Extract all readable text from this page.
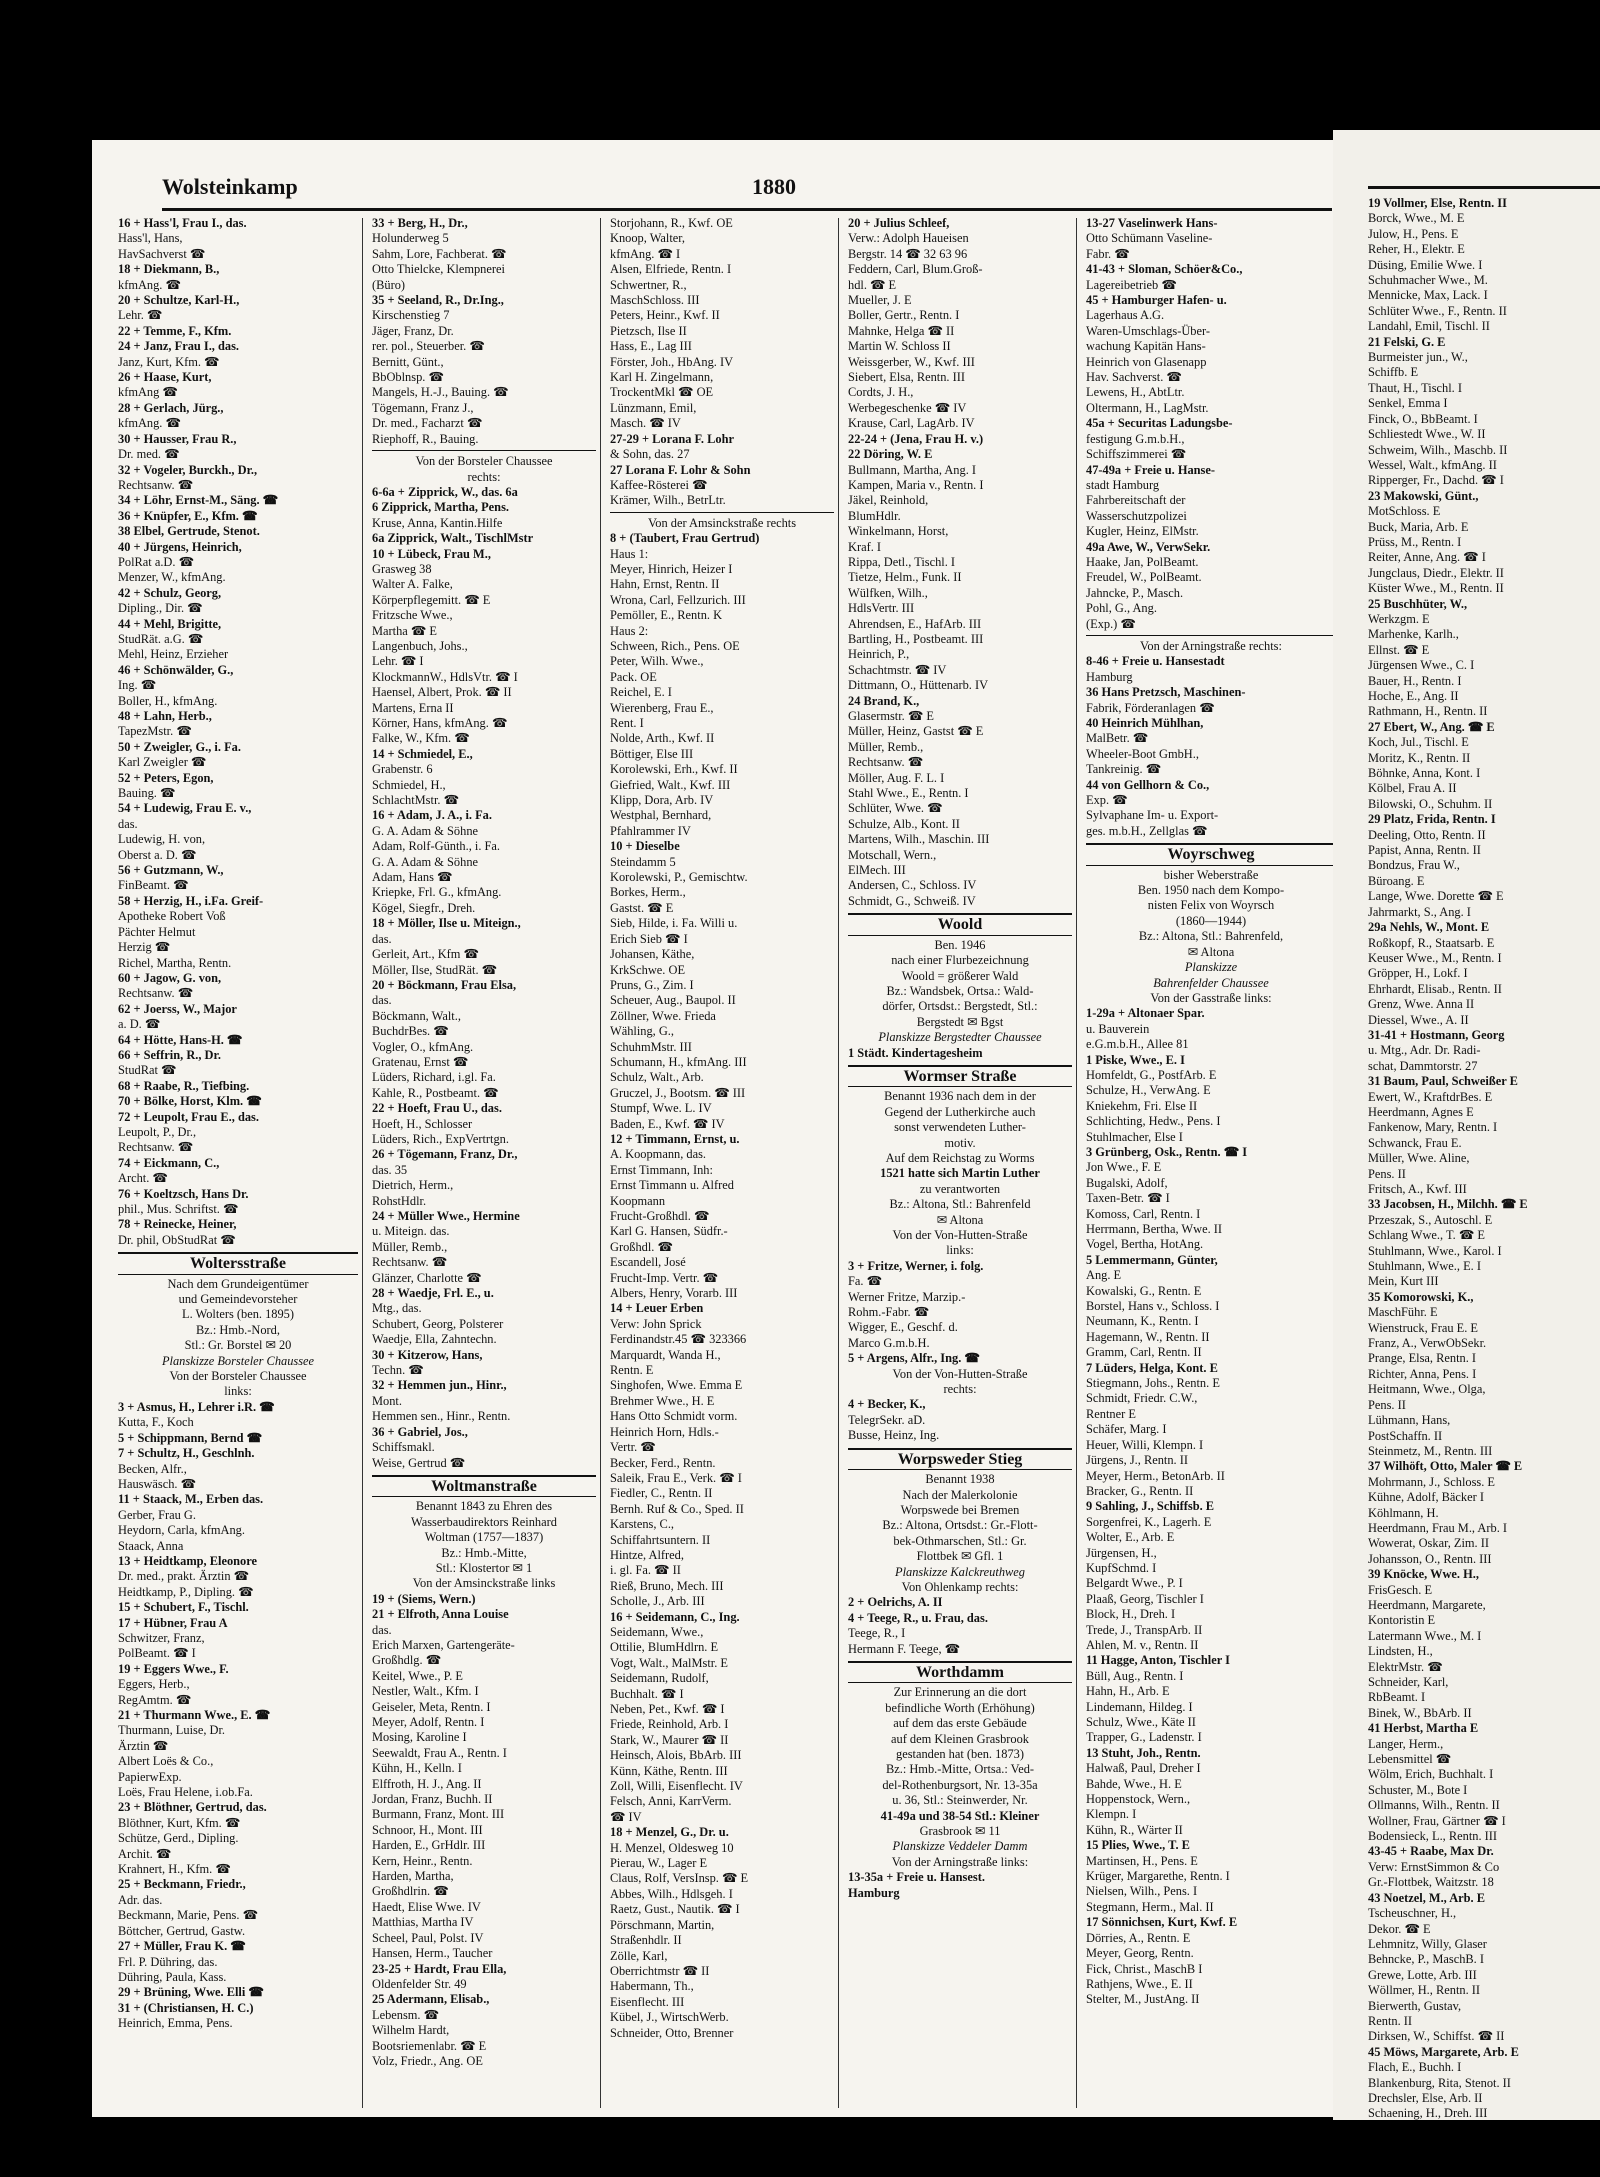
Wolsteinkamp	1880
16 + Hass'l, Frau I., das.
Hass'l, Hans,
HavSachverst ☎
18 + Diekmann, B.,
kfmAng. ☎
20 + Schultze, Karl-H.,
Lehr. ☎
22 + Temme, F., Kfm.
24 + Janz, Frau I., das.
Janz, Kurt, Kfm. ☎
26 + Haase, Kurt,
kfmAng ☎
28 + Gerlach, Jürg.,
kfmAng. ☎
30 + Hausser, Frau R.,
Dr. med. ☎
32 + Vogeler, Burckh., Dr.,
Rechtsanw. ☎
34 + Löhr, Ernst-M., Säng. ☎
36 + Knüpfer, E., Kfm. ☎
38 Elbel, Gertrude, Stenot.
40 + Jürgens, Heinrich,
PolRat a.D. ☎
Menzer, W., kfmAng.
42 + Schulz, Georg,
Dipling., Dir. ☎
44 + Mehl, Brigitte,
StudRät. a.G. ☎
Mehl, Heinz, Erzieher
46 + Schönwälder, G.,
Ing. ☎
Boller, H., kfmAng.
48 + Lahn, Herb.,
TapezMstr. ☎
50 + Zweigler, G., i. Fa.
Karl Zweigler ☎
52 + Peters, Egon,
Bauing. ☎
54 + Ludewig, Frau E. v.,
das.
Ludewig, H. von,
Oberst a. D. ☎
56 + Gutzmann, W.,
FinBeamt. ☎
58 + Herzig, H., i.Fa. Greif-
Apotheke Robert Voß
Pächter Helmut
Herzig ☎
Richel, Martha, Rentn.
60 + Jagow, G. von,
Rechtsanw. ☎
62 + Joerss, W., Major
a. D. ☎
64 + Hötte, Hans-H. ☎
66 + Seffrin, R., Dr.
StudRat ☎
68 + Raabe, R., Tiefbing.
70 + Bölke, Horst, Klm. ☎
72 + Leupolt, Frau E., das.
Leupolt, P., Dr.,
Rechtsanw. ☎
74 + Eickmann, C.,
Archt. ☎
76 + Koeltzsch, Hans Dr.
phil., Mus. Schriftst. ☎
78 + Reinecke, Heiner,
Dr. phil, ObStudRat ☎
Woltersstraße
Nach dem Grundeigentümer
und Gemeindevorsteher
L. Wolters (ben. 1895)
Bz.: Hmb.-Nord,
Stl.: Gr. Borstel ✉ 20
Planskizze Borsteler Chaussee
Von der Borsteler Chaussee
links:
3 + Asmus, H., Lehrer i.R. ☎
Kutta, F., Koch
5 + Schippmann, Bernd ☎
7 + Schultz, H., Geschlnh.
Becken, Alfr.,
Hauswäsch. ☎
11 + Staack, M., Erben das.
Gerber, Frau G.
Heydorn, Carla, kfmAng.
Staack, Anna
13 + Heidtkamp, Eleonore
Dr. med., prakt. Ärztin ☎
Heidtkamp, P., Dipling. ☎
15 + Schubert, F., Tischl.
17 + Hübner, Frau A
Schwitzer, Franz,
PolBeamt. ☎ I
19 + Eggers Wwe., F.
Eggers, Herb.,
RegAmtm. ☎
21 + Thurmann Wwe., E. ☎
Thurmann, Luise, Dr.
Ärztin ☎
Albert Loës & Co.,
PapierwExp.
Loës, Frau Helene, i.ob.Fa.
23 + Blöthner, Gertrud, das.
Blöthner, Kurt, Kfm. ☎
Schütze, Gerd., Dipling.
Archit. ☎
Krahnert, H., Kfm. ☎
25 + Beckmann, Friedr.,
Adr. das.
Beckmann, Marie, Pens. ☎
Böttcher, Gertrud, Gastw.
27 + Müller, Frau K. ☎
Frl. P. Dühring, das.
Dühring, Paula, Kass.
29 + Brüning, Wwe. Elli ☎
31 + (Christiansen, H. C.)
Heinrich, Emma, Pens.
33 + Berg, H., Dr.,
Holunderweg 5
Sahm, Lore, Fachberat. ☎
Otto Thielcke, Klempnerei
(Büro)
35 + Seeland, R., Dr.Ing.,
Kirschenstieg 7
Jäger, Franz, Dr.
rer. pol., Steuerber. ☎
Bernitt, Günt.,
BbOblnsp. ☎
Mangels, H.-J., Bauing. ☎
Tögemann, Franz J.,
Dr. med., Facharzt ☎
Riephoff, R., Bauing.
Von der Borsteler Chaussee
rechts:
6-6a + Zipprick, W., das. 6a
6 Zipprick, Martha, Pens.
Kruse, Anna, Kantin.Hilfe
6a Zipprick, Walt., TischlMstr
10 + Lübeck, Frau M.,
Grasweg 38
Walter A. Falke,
Körperpflegemitt. ☎ E
Fritzsche Wwe.,
Martha ☎ E
Langenbuch, Johs.,
Lehr. ☎ I
KlockmannW., HdlsVtr. ☎ I
Haensel, Albert, Prok. ☎ II
Martens, Erna II
Körner, Hans, kfmAng. ☎
Falke, W., Kfm. ☎
14 + Schmiedel, E.,
Grabenstr. 6
Schmiedel, H.,
SchlachtMstr. ☎
16 + Adam, J. A., i. Fa.
G. A. Adam & Söhne
Adam, Rolf-Günth., i. Fa.
G. A. Adam & Söhne
Adam, Hans ☎
Kriepke, Frl. G., kfmAng.
Kögel, Siegfr., Dreh.
18 + Möller, Ilse u. Miteign.,
das.
Gerleit, Art., Kfm ☎
Möller, Ilse, StudRät. ☎
20 + Böckmann, Frau Elsa,
das.
Böckmann, Walt.,
BuchdrBes. ☎
Vogler, O., kfmAng.
Gratenau, Ernst ☎
Lüders, Richard, i.gl. Fa.
Kahle, R., Postbeamt. ☎
22 + Hoeft, Frau U., das.
Hoeft, H., Schlosser
Lüders, Rich., ExpVertrtgn.
26 + Tögemann, Franz, Dr.,
das. 35
Dietrich, Herm.,
RohstHdlr.
24 + Müller Wwe., Hermine
u. Miteign. das.
Müller, Remb.,
Rechtsanw. ☎
Glänzer, Charlotte ☎
28 + Waedje, Frl. E., u.
Mtg., das.
Schubert, Georg, Polsterer
Waedje, Ella, Zahntechn.
30 + Kitzerow, Hans,
Techn. ☎
32 + Hemmen jun., Hinr.,
Mont.
Hemmen sen., Hinr., Rentn.
36 + Gabriel, Jos.,
Schiffsmakl.
Weise, Gertrud ☎
Woltmanstraße
Benannt 1843 zu Ehren des
Wasserbaudirektors Reinhard
Woltman (1757—1837)
Bz.: Hmb.-Mitte,
Stl.: Klostertor ✉ 1
Von der Amsinckstraße links
19 + (Siems, Wern.)
21 + Elfroth, Anna Louise
das.
Erich Marxen, Gartengeräte-
Großhdlg. ☎
Keitel, Wwe., P. E
Nestler, Walt., Kfm. I
Geiseler, Meta, Rentn. I
Meyer, Adolf, Rentn. I
Mosing, Karoline I
Seewaldt, Frau A., Rentn. I
Kühn, H., Kelln. I
Elffroth, H. J., Ang. II
Jordan, Franz, Buchh. II
Burmann, Franz, Mont. III
Schnoor, H., Mont. III
Harden, E., GrHdlr. III
Kern, Heinr., Rentn.
Harden, Martha,
Großhdlrin. ☎
Haedt, Elise Wwe. IV
Matthias, Martha IV
Scheel, Paul, Polst. IV
Hansen, Herm., Taucher
23-25 + Hardt, Frau Ella,
Oldenfelder Str. 49
25 Adermann, Elisab.,
Lebensm. ☎
Wilhelm Hardt,
Bootsriemenlabr. ☎ E
Volz, Friedr., Ang. OE
Storjohann, R., Kwf. OE
Knoop, Walter,
kfmAng. ☎ I
Alsen, Elfriede, Rentn. I
Schwertner, R.,
MaschSchloss. III
Peters, Heinr., Kwf. II
Pietzsch, Ilse II
Hass, E., Lag III
Förster, Joh., HbAng. IV
Karl H. Zingelmann,
TrockentMkl ☎ OE
Lünzmann, Emil,
Masch. ☎ IV
27-29 + Lorana F. Lohr
& Sohn, das. 27
27 Lorana F. Lohr & Sohn
Kaffee-Rösterei ☎
Krämer, Wilh., BetrLtr.
Von der Amsinckstraße rechts
8 + (Taubert, Frau Gertrud)
Haus 1:
Meyer, Hinrich, Heizer I
Hahn, Ernst, Rentn. II
Wrona, Carl, Fellzurich. III
Pemöller, E., Rentn. K
Haus 2:
Schween, Rich., Pens. OE
Peter, Wilh. Wwe.,
Pack. OE
Reichel, E. I
Wierenberg, Frau E.,
Rent. I
Nolde, Arth., Kwf. II
Böttiger, Else III
Korolewski, Erh., Kwf. II
Giefried, Walt., Kwf. III
Klipp, Dora, Arb. IV
Westphal, Bernhard,
Pfahlrammer IV
10 + Dieselbe
Steindamm 5
Korolewski, P., Gemischtw.
Borkes, Herm.,
Gastst. ☎ E
Sieb, Hilde, i. Fa. Willi u.
Erich Sieb ☎ I
Johansen, Käthe,
KrkSchwe. OE
Pruns, G., Zim. I
Scheuer, Aug., Baupol. II
Zöllner, Wwe. Frieda
Wähling, G.,
SchuhmMstr. III
Schumann, H., kfmAng. III
Schulz, Walt., Arb.
Gruczel, J., Bootsm. ☎ III
Stumpf, Wwe. L. IV
Baden, E., Kwf. ☎ IV
12 + Timmann, Ernst, u.
A. Koopmann, das.
Ernst Timmann, Inh:
Ernst Timmann u. Alfred
Koopmann
Frucht-Großhdl. ☎
Karl G. Hansen, Südfr.-
Großhdl. ☎
Escandell, José
Frucht-Imp. Vertr. ☎
Albers, Henry, Vorarb. III
14 + Leuer Erben
Verw: John Sprick
Ferdinandstr.45 ☎ 323366
Marquardt, Wanda H.,
Rentn. E
Singhofen, Wwe. Emma E
Brehmer Wwe., H. E
Hans Otto Schmidt vorm.
Heinrich Horn, Hdls.-
Vertr. ☎
Becker, Ferd., Rentn.
Saleik, Frau E., Verk. ☎ I
Fiedler, C., Rentn. II
Bernh. Ruf & Co., Sped. II
Karstens, C.,
Schiffahrtsuntern. II
Hintze, Alfred,
i. gl. Fa. ☎ II
Rieß, Bruno, Mech. III
Scholle, J., Arb. III
16 + Seidemann, C., Ing.
Seidemann, Wwe.,
Ottilie, BlumHdlrn. E
Vogt, Walt., MalMstr. E
Seidemann, Rudolf,
Buchhalt. ☎ I
Neben, Pet., Kwf. ☎ I
Friede, Reinhold, Arb. I
Stark, W., Maurer ☎ II
Heinsch, Alois, BbArb. III
Künn, Käthe, Rentn. III
Zoll, Willi, Eisenflecht. IV
Felsch, Anni, KarrVerm.
☎ IV
18 + Menzel, G., Dr. u.
H. Menzel, Oldesweg 10
Pierau, W., Lager E
Claus, Rolf, VersInsp. ☎ E
Abbes, Wilh., Hdlsgeh. I
Raetz, Gust., Nautik. ☎ I
Pörschmann, Martin,
Straßenhdlr. II
Zölle, Karl,
Oberrichtmstr ☎ II
Habermann, Th.,
Eisenflecht. III
Kübel, J., WirtschWerb.
Schneider, Otto, Brenner
20 + Julius Schleef,
Verw.: Adolph Haueisen
Bergstr. 14 ☎ 32 63 96
Feddern, Carl, Blum.Groß-
hdl. ☎ E
Mueller, J. E
Boller, Gertr., Rentn. I
Mahnke, Helga ☎ II
Martin W. Schloss II
Weissgerber, W., Kwf. III
Siebert, Elsa, Rentn. III
Cordts, J. H.,
Werbegeschenke ☎ IV
Krause, Carl, LagArb. IV
22-24 + (Jena, Frau H. v.)
22 Döring, W. E
Bullmann, Martha, Ang. I
Kampen, Maria v., Rentn. I
Jäkel, Reinhold,
BlumHdlr.
Winkelmann, Horst,
Kraf. I
Rippa, Detl., Tischl. I
Tietze, Helm., Funk. II
Wülfken, Wilh.,
HdlsVertr. III
Ahrendsen, E., HafArb. III
Bartling, H., Postbeamt. III
Heinrich, P.,
Schachtmstr. ☎ IV
Dittmann, O., Hüttenarb. IV
24 Brand, K.,
Glasermstr. ☎ E
Müller, Heinz, Gastst ☎ E
Müller, Remb.,
Rechtsanw. ☎
Möller, Aug. F. L. I
Stahl Wwe., E., Rentn. I
Schlüter, Wwe. ☎
Schulze, Alb., Kont. II
Martens, Wilh., Maschin. III
Motschall, Wern.,
ElMech. III
Andersen, C., Schloss. IV
Schmidt, G., Schweiß. IV
Woold
Ben. 1946
nach einer Flurbezeichnung
Woold = größerer Wald
Bz.: Wandsbek, Ortsa.: Wald-
dörfer, Ortsdst.: Bergstedt, Stl.:
Bergstedt ✉ Bgst
Planskizze Bergstedter Chaussee
1 Städt. Kindertagesheim
Wormser Straße
Benannt 1936 nach dem in der
Gegend der Lutherkirche auch
sonst verwendeten Luther-
motiv.
Auf dem Reichstag zu Worms
1521 hatte sich Martin Luther
zu verantworten
Bz.: Altona, Stl.: Bahrenfeld
✉ Altona
Von der Von-Hutten-Straße
links:
3 + Fritze, Werner, i. folg.
Fa. ☎
Werner Fritze, Marzip.-
Rohm.-Fabr. ☎
Wigger, E., Geschf. d.
Marco G.m.b.H.
5 + Argens, Alfr., Ing. ☎
Von der Von-Hutten-Straße
rechts:
4 + Becker, K.,
TelegrSekr. aD.
Busse, Heinz, Ing.
Worpsweder Stieg
Benannt 1938
Nach der Malerkolonie
Worpswede bei Bremen
Bz.: Altona, Ortsdst.: Gr.-Flott-
bek-Othmarschen, Stl.: Gr.
Flottbek ✉ Gfl. 1
Planskizze Kalckreuthweg
Von Ohlenkamp rechts:
2 + Oelrichs, A. II
4 + Teege, R., u. Frau, das.
Teege, R., I
Hermann F. Teege, ☎
Worthdamm
Zur Erinnerung an die dort
befindliche Worth (Erhöhung)
auf dem das erste Gebäude
auf dem Kleinen Grasbrook
gestanden hat (ben. 1873)
Bz.: Hmb.-Mitte, Ortsa.: Ved-
del-Rothenburgsort, Nr. 13-35a
u. 36, Stl.: Steinwerder, Nr.
41-49a und 38-54 Stl.: Kleiner
Grasbrook ✉ 11
Planskizze Veddeler Damm
Von der Arningstraße links:
13-35a + Freie u. Hansest.
Hamburg
13-27 Vaselinwerk Hans-
Otto Schümann Vaseline-
Fabr. ☎
41-43 + Sloman, Schöer&Co.,
Lagereibetrieb ☎
45 + Hamburger Hafen- u.
Lagerhaus A.G.
Waren-Umschlags-Über-
wachung Kapitän Hans-
Heinrich von Glasenapp
Hav. Sachverst. ☎
Lewens, H., AbtLtr.
Oltermann, H., LagMstr.
45a + Securitas Ladungsbe-
festigung G.m.b.H.,
Schiffszimmerei ☎
47-49a + Freie u. Hanse-
stadt Hamburg
Fahrbereitschaft der
Wasserschutzpolizei
Kugler, Heinz, ElMstr.
49a Awe, W., VerwSekr.
Haake, Jan, PolBeamt.
Freudel, W., PolBeamt.
Jahncke, P., Masch.
Pohl, G., Ang.
(Exp.) ☎
Von der Arningstraße rechts:
8-46 + Freie u. Hansestadt
Hamburg
36 Hans Pretzsch, Maschinen-
Fabrik, Förderanlagen ☎
40 Heinrich Mühlhan,
MalBetr. ☎
Wheeler-Boot GmbH.,
Tankreinig. ☎
44 von Gellhorn & Co.,
Exp. ☎
Sylvaphane Im- u. Export-
ges. m.b.H., Zellglas ☎
Woyrschweg
bisher Weberstraße
Ben. 1950 nach dem Kompo-
nisten Felix von Woyrsch
(1860—1944)
Bz.: Altona, Stl.: Bahrenfeld,
✉ Altona
Planskizze
Bahrenfelder Chaussee
Von der Gasstraße links:
1-29a + Altonaer Spar.
u. Bauverein
e.G.m.b.H., Allee 81
1 Piske, Wwe., E. I
Homfeldt, G., PostfArb. E
Schulze, H., VerwAng. E
Kniekehm, Fri. Else II
Schlichting, Hedw., Pens. I
Stuhlmacher, Else I
3 Grünberg, Osk., Rentn. ☎ I
Jon Wwe., F. E
Bugalski, Adolf,
Taxen-Betr. ☎ I
Komoss, Carl, Rentn. I
Herrmann, Bertha, Wwe. II
Vogel, Bertha, HotAng.
5 Lemmermann, Günter,
Ang. E
Kowalski, G., Rentn. E
Borstel, Hans v., Schloss. I
Neumann, K., Rentn. I
Hagemann, W., Rentn. II
Gramm, Carl, Rentn. II
7 Lüders, Helga, Kont. E
Stiegmann, Johs., Rentn. E
Schmidt, Friedr. C.W.,
Rentner E
Schäfer, Marg. I
Heuer, Willi, Klempn. I
Jürgens, J., Rentn. II
Meyer, Herm., BetonArb. II
Bracker, G., Rentn. II
9 Sahling, J., Schiffsb. E
Sorgenfrei, K., Lagerh. E
Wolter, E., Arb. E
Jürgensen, H.,
KupfSchmd. I
Belgardt Wwe., P. I
Plaaß, Georg, Tischler I
Block, H., Dreh. I
Trede, J., TranspArb. II
Ahlen, M. v., Rentn. II
11 Hagge, Anton, Tischler I
Büll, Aug., Rentn. I
Hahn, H., Arb. E
Lindemann, Hildeg. I
Schulz, Wwe., Käte II
Trapper, G., Ladenstr. I
13 Stuht, Joh., Rentn.
Halwaß, Paul, Dreher I
Bahde, Wwe., H. E
Hoppenstock, Wern.,
Klempn. I
Kühn, R., Wärter II
15 Plies, Wwe., T. E
Martinsen, H., Pens. E
Krüger, Margarethe, Rentn. I
Nielsen, Wilh., Pens. I
Stegmann, Herm., Mal. II
17 Sönnichsen, Kurt, Kwf. E
Dörries, A., Rentn. E
Meyer, Georg, Rentn.
Fick, Christ., MaschB I
Rathjens, Wwe., E. II
Stelter, M., JustAng. II
19 Vollmer, Else, Rentn. II
Borck, Wwe., M. E
Julow, H., Pens. E
Reher, H., Elektr. E
Düsing, Emilie Wwe. I
Schuhmacher Wwe., M.
Mennicke, Max, Lack. I
Schlüter Wwe., F., Rentn. II
Landahl, Emil, Tischl. II
21 Felski, G. E
Burmeister jun., W.,
Schiffb. E
Thaut, H., Tischl. I
Senkel, Emma I
Finck, O., BbBeamt. I
Schliestedt Wwe., W. II
Schweim, Wilh., Maschb. II
Wessel, Walt., kfmAng. II
Ripperger, Fr., Dachd. ☎ I
23 Makowski, Günt.,
MotSchloss. E
Buck, Maria, Arb. E
Prüss, M., Rentn. I
Reiter, Anne, Ang. ☎ I
Jungclaus, Diedr., Elektr. II
Küster Wwe., M., Rentn. II
25 Buschhüter, W.,
Werkzgm. E
Marhenke, Karlh.,
Ellnst. ☎ E
Jürgensen Wwe., C. I
Bauer, H., Rentn. I
Hoche, E., Ang. II
Rathmann, H., Rentn. II
27 Ebert, W., Ang. ☎ E
Koch, Jul., Tischl. E
Moritz, K., Rentn. II
Böhnke, Anna, Kont. I
Kölbel, Frau A. II
Bilowski, O., Schuhm. II
29 Platz, Frida, Rentn. I
Deeling, Otto, Rentn. II
Papist, Anna, Rentn. II
Bondzus, Frau W.,
Büroang. E
Lange, Wwe. Dorette ☎ E
Jahrmarkt, S., Ang. I
29a Nehls, W., Mont. E
Roßkopf, R., Staatsarb. E
Keuser Wwe., M., Rentn. I
Gröpper, H., Lokf. I
Ehrhardt, Elisab., Rentn. II
Grenz, Wwe. Anna II
Diessel, Wwe., A. II
31-41 + Hostmann, Georg
u. Mtg., Adr. Dr. Radi-
schat, Dammtorstr. 27
31 Baum, Paul, Schweißer E
Ewert, W., KraftdrBes. E
Heerdmann, Agnes E
Fankenow, Mary, Rentn. I
Schwanck, Frau E.
Müller, Wwe. Aline,
Pens. II
Fritsch, A., Kwf. III
33 Jacobsen, H., Milchh. ☎ E
Przeszak, S., Autoschl. E
Schlang Wwe., T. ☎ E
Stuhlmann, Wwe., Karol. I
Stuhlmann, Wwe., E. I
Mein, Kurt III
35 Komorowski, K.,
MaschFühr. E
Wienstruck, Frau E. E
Franz, A., VerwObSekr.
Prange, Elsa, Rentn. I
Richter, Anna, Pens. I
Heitmann, Wwe., Olga,
Pens. II
Lühmann, Hans,
PostSchaffn. II
Steinmetz, M., Rentn. III
37 Wilhöft, Otto, Maler ☎ E
Mohrmann, J., Schloss. E
Kühne, Adolf, Bäcker I
Köhlmann, H.
Heerdmann, Frau M., Arb. I
Wowerat, Oskar, Zim. II
Johansson, O., Rentn. III
39 Knöcke, Wwe. H.,
FrisGesch. E
Heerdmann, Margarete,
Kontoristin E
Latermann Wwe., M. I
Lindsten, H.,
ElektrMstr. ☎
Schneider, Karl,
RbBeamt. I
Binek, W., BbArb. II
41 Herbst, Martha E
Langer, Herm.,
Lebensmittel ☎
Wölm, Erich, Buchhalt. I
Schuster, M., Bote I
Ollmanns, Wilh., Rentn. II
Wollner, Frau, Gärtner ☎ I
Bodensieck, L., Rentn. III
43-45 + Raabe, Max Dr.
Verw: ErnstSimmon & Co
Gr.-Flottbek, Waitzstr. 18
43 Noetzel, M., Arb. E
Tscheuschner, H.,
Dekor. ☎ E
Lehmnitz, Willy, Glaser
Behncke, P., MaschB. I
Grewe, Lotte, Arb. III
Wöllmer, H., Rentn. II
Bierwerth, Gustav,
Rentn. II
Dirksen, W., Schiffst. ☎ II
45 Möws, Margarete, Arb. E
Flach, E., Buchh. I
Blankenburg, Rita, Stenot. II
Drechsler, Else, Arb. II
Schaening, H., Dreh. III
